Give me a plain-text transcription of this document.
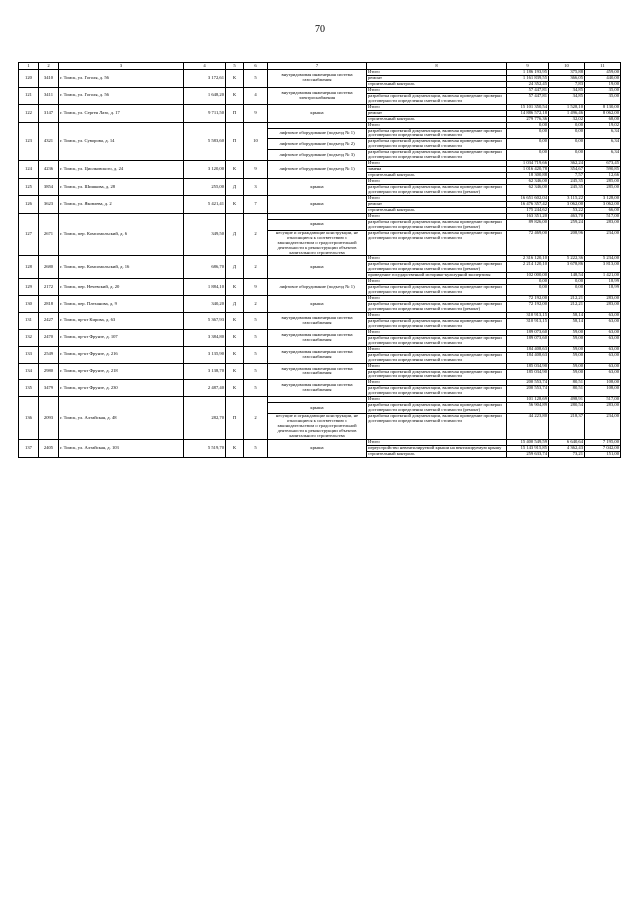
70
1	2	3	4	5	6	7	8	9	10	11
120	3410	г. Томск, ул. Гоголя, д. 56	3 172,61	К	5	внутридомовая инженерная система газоснабжения	Итого	1 186 193,95	375,88	459,00
							ремонт	1 161 839,55	366,05	440,00
							строительный контроль	24 352,45	7,83	19,00
121	3411	г. Томск, ул. Гоголя, д. 56	1 648,20	К	4	внутридомовая инженерная система электроснабжения	Итого	57 447,81	34,85	35,00
							разработка проектной документации, включая проведение проверки достоверности определения сметной стоимости	57 447,81	34,85	35,00
122	3147	г. Томск, ул. Сергея Лазо, д. 17	9 711,50	П	9	крыша	Итого	15 101 350,54	1 528,10	8 130,00
							ремонт	14 886 572,18	1 496,46	8 062,00
							строительный контроль	279 776,36	32,02	68,00
123	4321	г. Томск, ул. Суворова, д. 14	5 583,60	П	10		Итого	0,00	0,00	19,02
						лифтовое оборудование (подъезд № 1)	разработка проектной документации, включая проведение проверки достоверности определения сметной стоимости	0,00	0,00	6,34
						лифтовое оборудование (подъезд № 2)	разработка проектной документации, включая проведение проверки достоверности определения сметной стоимости	0,00	0,00	6,34
						лифтовое оборудование (подъезд № 3)	разработка проектной документации, включая проведение проверки достоверности определения сметной стоимости	0,00	0,00	6,34
124	4236	г. Томск, ул. Циолковского, д. 24	3 120,00	К	9	лифтовое оборудование (подъезд № 1)	Итого	1 034 719,66	362,24	673,45
							замена	1 016 420,78	354,67	590,85
							строительный контроль	18 300,88	7,57	12,66
125	3854	г. Томск, ул. Шишкова, д. 28	255,00	Д	3	крыша	Итого	62 346,00	245,35	285,00
							разработка проектной документации, включая проведение проверки достоверности определения сметной стоимости (ремонт)	62 346,00	245,35	285,00
126	3623	г. Томск, ул. Яковлева, д. 2	5 421,41	К	7	крыша	Итого	16 651 602,04	3 115,22	3 128,00
							ремонт	16 476 357,42	3 062,00	3 062,00
							строительный контроль	175 244,62	53,22	66,00
127	2671	г. Томск, пер. Комсомольский, д. 6	349,50	Д	2		Итого	163 351,20	463,70	517,00
						крыша	разработка проектной документации, включая проведение проверки достоверности определения сметной стоимости (ремонт)	89 826,00	259,24	283,00
						несущие и ограждающие конструкции, не относящиеся к соответствию с законодательством о градостроительной деятельности к реконструкции объектов капитального строительства	разработка проектной документации, включая проведение проверки достоверности определения сметной стоимости	72 469,00	208,96	234,00
128	2680	г. Томск, пер. Комсомольский, д. 16	686,70	Д	2	крыша	Итого	2 316 120,10	5 222,36	5 234,00
							разработка проектной документации, включая проведение проверки достоверности определения сметной стоимости (ремонт)	2 214 120,10	3 678,86	3 813,00
							проведение государственной историко-культурной экспертизы	102 000,00	148,54	1 421,00
129	2172	г. Томск, пер. Нечевский, д. 20	1 884,10	К	9	лифтовое оборудование (подъезд № 1)	Итого	0,00	0,00	18,99
							разработка проектной документации, включая проведение проверки достоверности определения сметной стоимости	0,00	0,00	18,99
130	2818	г. Томск, пер. Плеханова, д. 9	340,20	Д	2	крыша	Итого	72 192,00	212,21	283,00
							разработка проектной документации, включая проведение проверки достоверности определения сметной стоимости (ремонт)	72 192,00	212,21	283,00
131	2427	г. Томск, пр-кт Кирова, д. 63	5 367,93	К	5	внутридомовая инженерная система газоснабжения	Итого	310 913,15	58,14	63,00
							разработка проектной документации, включая проведение проверки достоверности определения сметной стоимости	310 913,15	58,14	63,00
132	2470	г. Томск, пр-кт Фрунзе, д. 107	3 384,80	К	5	внутридомовая инженерная система газоснабжения	Итого	189 073,60	59,00	63,00
							разработка проектной документации, включая проведение проверки достоверности определения сметной стоимости	189 073,60	59,00	63,00
133	2549	г. Томск, пр-кт Фрунзе, д. 216	3 135,90	К	5	внутридомовая инженерная система газоснабжения	Итого	184 408,63	59,00	63,00
							разработка проектной документации, включая проведение проверки достоверности определения сметной стоимости	184 408,63	59,00	63,00
134	2980	г. Томск, пр-кт Фрунзе, д. 218	3 138,70	К	5	внутридомовая инженерная система газоснабжения	Итого	185 034,90	59,00	63,00
							разработка проектной документации, включая проведение проверки достоверности определения сметной стоимости	185 034,90	59,00	63,00
135	3479	г. Томск, пр-кт Фрунзе, д. 230	2 487,40	К	5	внутридомовая инженерная система газоснабжения	Итого	200 553,74	80,51	108,00
							разработка проектной документации, включая проведение проверки достоверности определения сметной стоимости	200 553,74	80,51	108,00
136	2093	г. Томск, ул. Алтайская, д. 48	282,70	П	2		Итого	101 128,69	498,91	517,00
						крыша	разработка проектной документации, включая проведение проверки достоверности определения сметной стоимости (ремонт)	56 904,89	280,54	283,00
						несущие и ограждающие конструкции, не относящиеся к соответствию с законодательством о градостроительной деятельности к реконструкции объектов капитального строительства	разработка проектной документации, включая проведение проверки достоверности определения сметной стоимости	44 223,80	218,37	234,00
137	2405	г. Томск, ул. Алтайская, д. 103	5 519,70	К	5	крыша	Итого	15 400 549,59	6 640,64	7 195,00
							переустройство невентилируемой крыши на вентилируемую крышу	15 143 915,85	4 362,43	7 042,00
							строительный контроль	259 633,74	73,21	151,00
